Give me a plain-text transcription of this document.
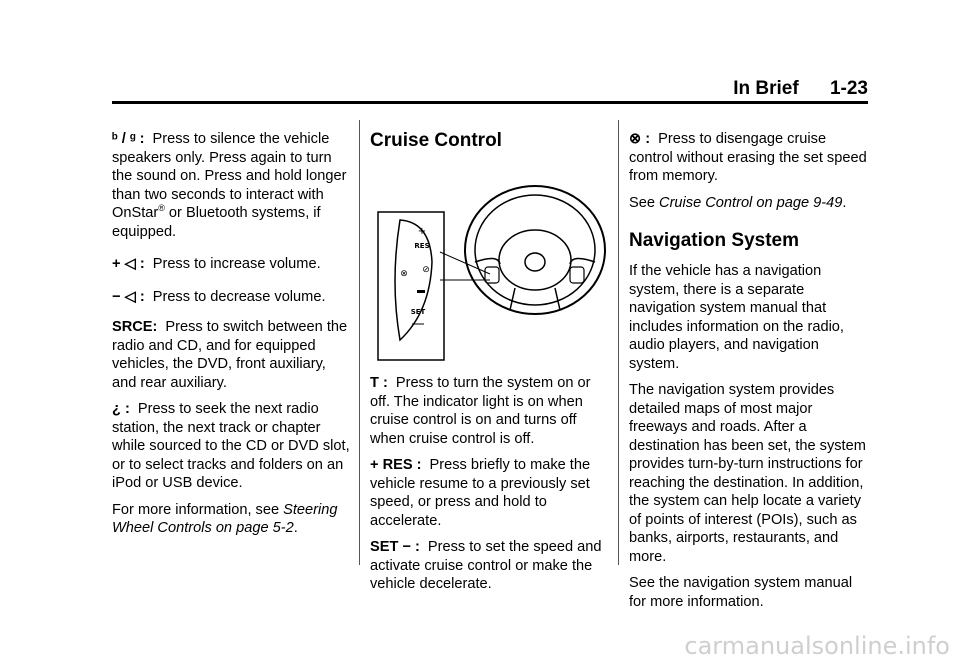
In Brief 1-23

ᵇ / ᵍ : Press to silence the vehicle speakers only. Press again to turn the sound on. Press and hold longer than two seconds to interact with OnStar® or Bluetooth systems, if equipped.

+ ◁ : Press to increase volume.

− ◁ : Press to decrease volume.

SRCE: Press to switch between the radio and CD, and for equipped vehicles, the DVD, front auxiliary, and rear auxiliary.

¿ : Press to seek the next radio station, the next track or chapter while sourced to the CD or DVD slot, or to select tracks and folders on an iPod or USB device.

For more information, see Steering Wheel Controls on page 5-2.

Cruise Control
+
RES
⊗ ⊘
SET

T : Press to turn the system on or off. The indicator light is on when cruise control is on and turns off when cruise control is off.

+ RES : Press briefly to make the vehicle resume to a previously set speed, or press and hold to accelerate.

SET − : Press to set the speed and activate cruise control or make the vehicle decelerate.

⊗ : Press to disengage cruise control without erasing the set speed from memory.

See Cruise Control on page 9-49.

Navigation System

If the vehicle has a navigation system, there is a separate navigation system manual that includes information on the radio, audio players, and navigation system.

The navigation system provides detailed maps of most major freeways and roads. After a destination has been set, the system provides turn-by-turn instructions for reaching the destination. In addition, the system can help locate a variety of points of interest (POIs), such as banks, airports, restaurants, and more.

See the navigation system manual for more information.

carmanualsonline.info
